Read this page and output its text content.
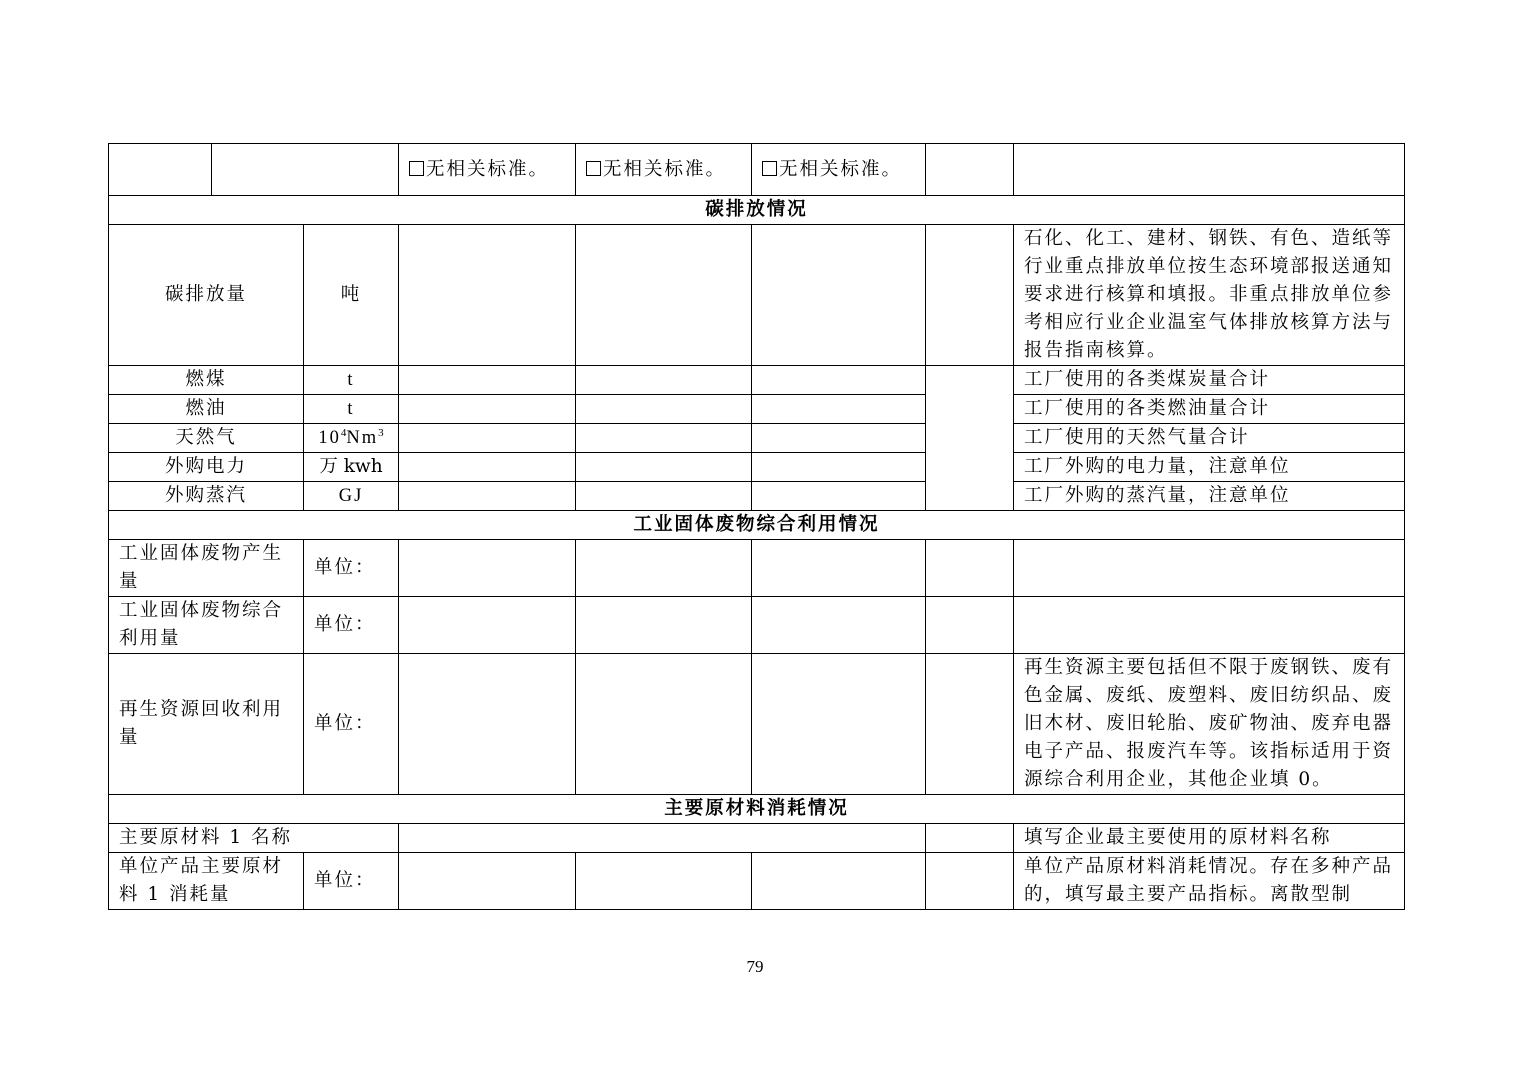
			无相关标准。	无相关标准。	无相关标准。		
碳排放情况							
碳排放量		吨					石化、化工、建材、钢铁、有色、造纸等行业重点排放单位按生态环境部报送通知要求进行核算和填报。非重点排放单位参考相应行业企业温室气体排放核算方法与报告指南核算。
燃煤		t					工厂使用的各类煤炭量合计
燃油		t					工厂使用的各类燃油量合计
天然气		$10^4Nm^3$					工厂使用的天然气量合计
外购电力		万 kwh					工厂外购的电力量，注意单位
外购蒸汽		GJ					工厂外购的蒸汽量，注意单位
工业固体废物综合利用情况							
工业固体废物产生量		单位：					
工业固体废物综合利用量		单位：					
再生资源回收利用量		单位：					再生资源主要包括但不限于废钢铁、废有色金属、废纸、废塑料、废旧纺织品、废旧木材、废旧轮胎、废矿物油、废弃电器电子产品、报废汽车等。该指标适用于资源综合利用企业，其他企业填 0。
主要原材料消耗情况							
主要原材料 1 名称							填写企业最主要使用的原材料名称
单位产品主要原材料 1 消耗量		单位：					单位产品原材料消耗情况。存在多种产品的，填写最主要产品指标。离散型制
79
